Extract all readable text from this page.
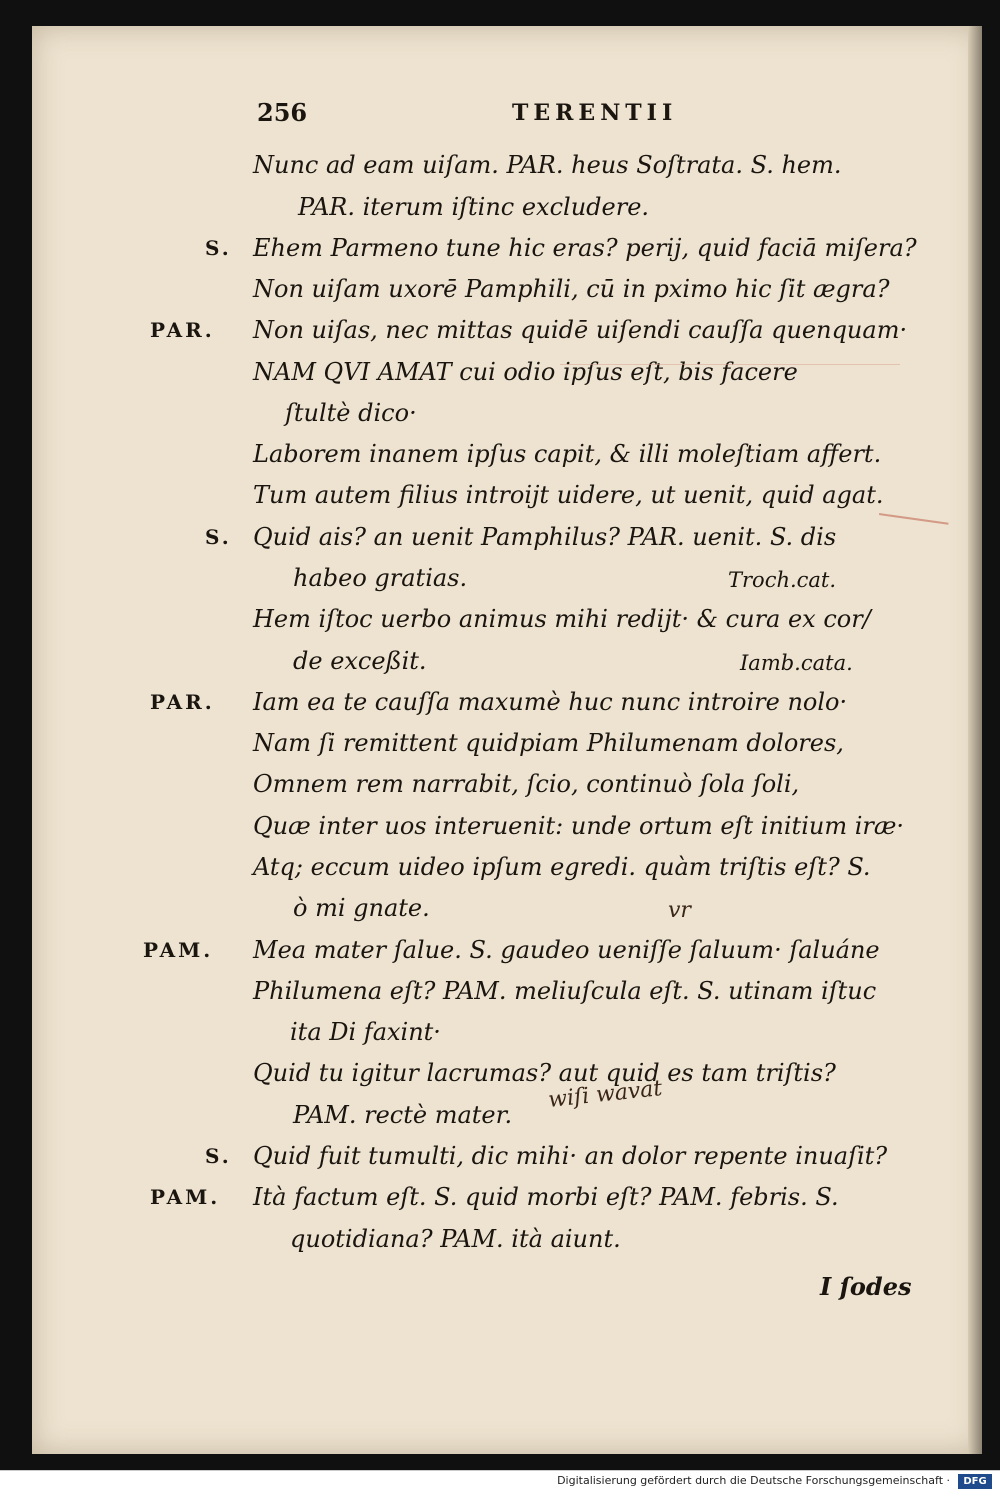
256	TERENTII
Nunc ad eam uiſam. PAR. heus Soſtrata. S. hem.
PAR. iterum iſtinc excludere.
S. Ehem Parmeno tune hic eras? perij, quid faciā miſera?
Non uiſam uxorē Pamphili, cū in pximo hic ſit ægra?
PAR. Non uiſas, nec mittas quidē uiſendi cauſſa quenquam·
NAM QVI AMAT cui odio ipſus eſt, bis facere
ſtultè dico·
Laborem inanem ipſus capit, & illi moleſtiam affert.
Tum autem filius introijt uidere, ut uenit, quid agat.
S. Quid ais? an uenit Pamphilus? PAR. uenit. S. dis
habeo gratias.	Troch.cat.
Hem iſtoc uerbo animus mihi redijt· & cura ex cor/
de exceßit.	Iamb.cata.
PAR. Iam ea te cauſſa maxumè huc nunc introire nolo·
Nam ſi remittent quidpiam Philumenam dolores,
Omnem rem narrabit, ſcio, continuò ſola ſoli,
Quæ inter uos interuenit: unde ortum eſt initium iræ·
Atq; eccum uideo ipſum egredi. quàm triſtis eſt? S.
ò mi gnate.
PAM. Mea mater ſalue. S. gaudeo ueniſſe ſaluum· ſaluáne
Philumena eſt? PAM. meliuſcula eſt. S. utinam iſtuc
ita Di faxint·
Quid tu igitur lacrumas? aut quid es tam triſtis?
PAM. rectè mater.
S. Quid fuit tumulti, dic mihi· an dolor repente inuaſit?
PAM. Ità factum eſt. S. quid morbi eſt? PAM. febris. S.
quotidiana? PAM. ità aiunt.
I ſodes
vr
wiſi wavat
Digitalisierung gefördert durch die Deutsche Forschungsgemeinschaft ·	DFG
